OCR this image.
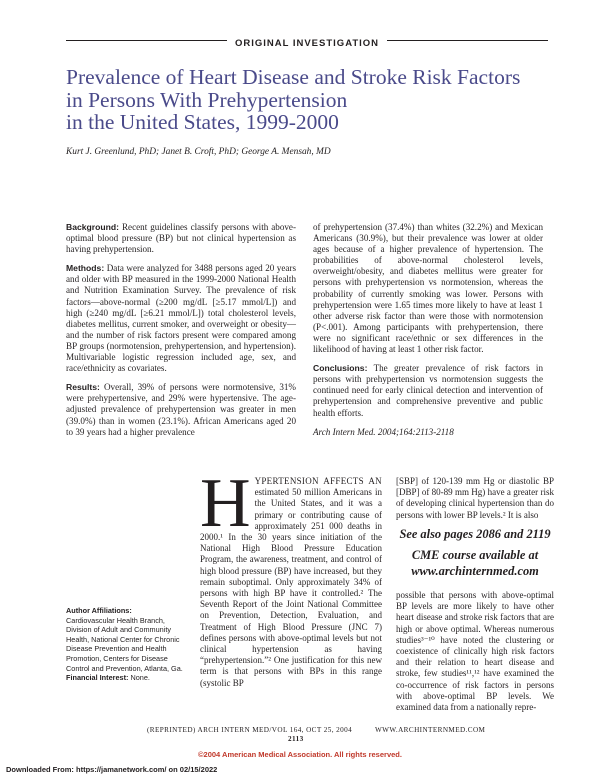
$^{ORIGINAL INVESTIGATION}$
Prevalence of Heart Disease and Stroke Risk Factors
in Persons With Prehypertension
in the United States, 1999-2000
Kurt J. Greenlund, PhD; Janet B. Croft, PhD; George A. Mensah, MD

Background: Recent guidelines classify persons with above-optimal blood pressure (BP) but not clinical hypertension as having prehypertension.

Methods: Data were analyzed for 3488 persons aged 20 years and older with BP measured in the 1999-2000 National Health and Nutrition Examination Survey. The prevalence of risk factors—above-normal (≥200 mg/dL [≥5.17 mmol/L]) and high (≥240 mg/dL [≥6.21 mmol/L]) total cholesterol levels, diabetes mellitus, current smoker, and overweight or obesity—and the number of risk factors present were compared among BP groups (normotension, prehypertension, and hypertension). Multivariable logistic regression included age, sex, and race/ethnicity as covariates.

Results: Overall, 39% of persons were normotensive, 31% were prehypertensive, and 29% were hypertensive. The age-adjusted prevalence of prehypertension was greater in men (39.0%) than in women (23.1%). African Americans aged 20 to 39 years had a higher prevalence

of prehypertension (37.4%) than whites (32.2%) and Mexican Americans (30.9%), but their prevalence was lower at older ages because of a higher prevalence of hypertension. The probabilities of above-normal cholesterol levels, overweight/obesity, and diabetes mellitus were greater for persons with prehypertension vs normotension, whereas the probability of currently smoking was lower. Persons with prehypertension were 1.65 times more likely to have at least 1 other adverse risk factor than were those with normotension (P<.001). Among participants with prehypertension, there were no significant race/ethnic or sex differences in the likelihood of having at least 1 other risk factor.

Conclusions: The greater prevalence of risk factors in persons with prehypertension vs normotension suggests the continued need for early clinical detection and intervention of prehypertension and comprehensive preventive and public health efforts.

Arch Intern Med. 2004;164:2113-2118

HYPERTENSION AFFECTS AN estimated 50 million Americans in the United States, and it was a primary or contributing cause of approximately 251 000 deaths in 2000.¹ In the 30 years since initiation of the National High Blood Pressure Education Program, the awareness, treatment, and control of high blood pressure (BP) have increased, but they remain suboptimal. Only approximately 34% of persons with high BP have it controlled.² The Seventh Report of the Joint National Committee on Prevention, Detection, Evaluation, and Treatment of High Blood Pressure (JNC 7) defines persons with above-optimal levels but not clinical hypertension as having “prehypertension.”² One justification for this new term is that persons with BPs in this range (systolic BP
[SBP] of 120-139 mm Hg or diastolic BP [DBP] of 80-89 mm Hg) have a greater risk of developing clinical hypertension than do persons with lower BP levels.² It is also
See also pages 2086 and 2119
CME course available at
www.archinternmed.com
possible that persons with above-optimal BP levels are more likely to have other heart disease and stroke risk factors that are high or above optimal. Whereas numerous studies³⁻¹⁰ have noted the clustering or coexistence of clinically high risk factors and their relation to heart disease and stroke, few studies¹¹,¹² have examined the co-occurrence of risk factors in persons with above-optimal BP levels. We examined data from a nationally repre-
Author Affiliations:
Cardiovascular Health Branch, Division of Adult and Community Health, National Center for Chronic Disease Prevention and Health Promotion, Centers for Disease Control and Prevention, Atlanta, Ga.
Financial Interest: None.
(REPRINTED) ARCH INTERN MED/VOL 164, OCT 25, 2004	WWW.ARCHINTERNMED.COM
2113
©2004 American Medical Association. All rights reserved.
Downloaded From: https://jamanetwork.com/ on 02/15/2022
